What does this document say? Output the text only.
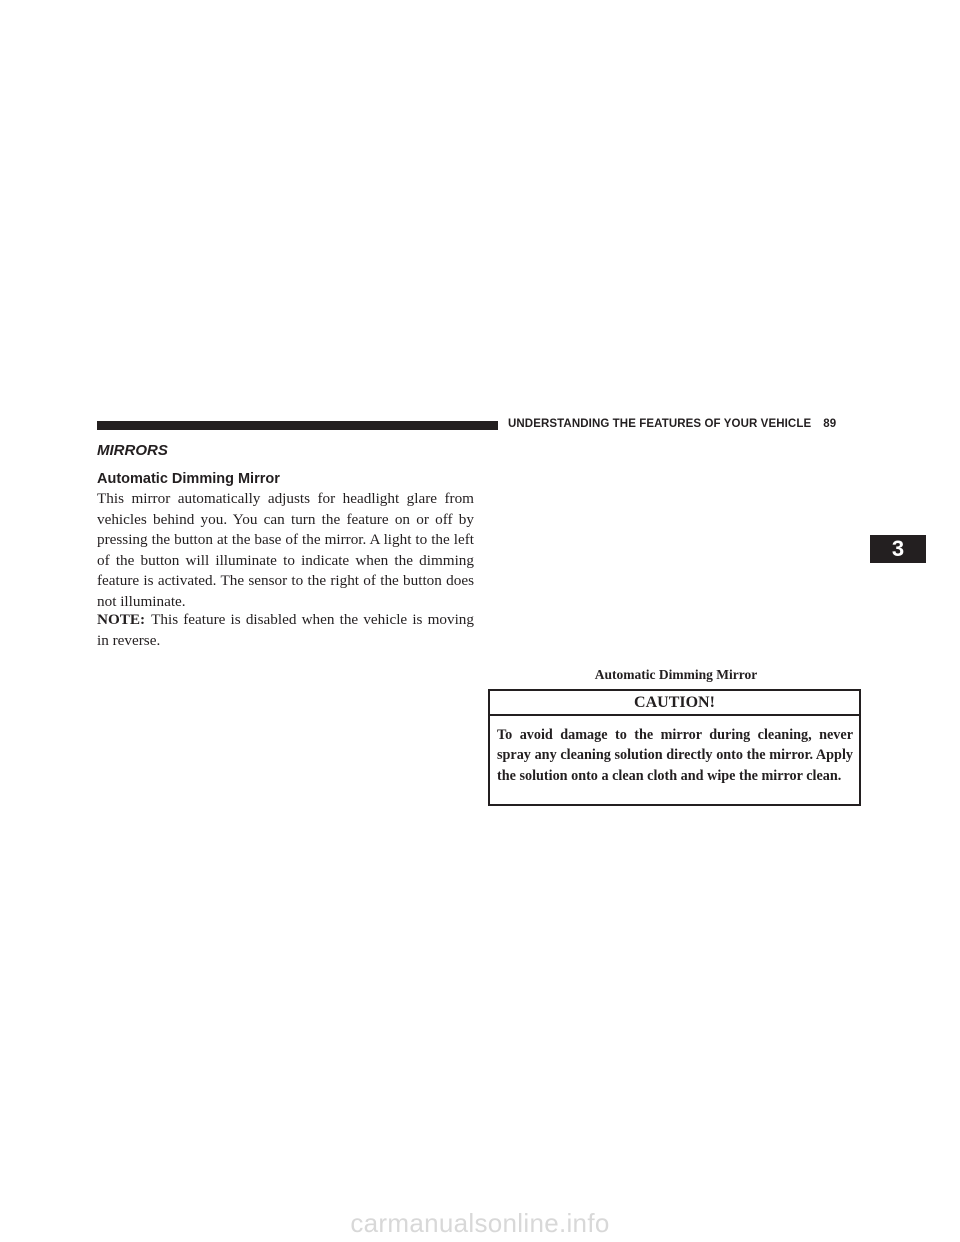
UNDERSTANDING THE FEATURES OF YOUR VEHICLE 89
MIRRORS
Automatic Dimming Mirror

This mirror automatically adjusts for headlight glare from vehicles behind you. You can turn the feature on or off by pressing the button at the base of the mirror. A light to the left of the button will illuminate to indicate when the dimming feature is activated. The sensor to the right of the button does not illuminate.

NOTE: This feature is disabled when the vehicle is moving in reverse.

Automatic Dimming Mirror
CAUTION!

To avoid damage to the mirror during cleaning, never spray any cleaning solution directly onto the mirror. Apply the solution onto a clean cloth and wipe the mirror clean.

3
carmanualsonline.info
